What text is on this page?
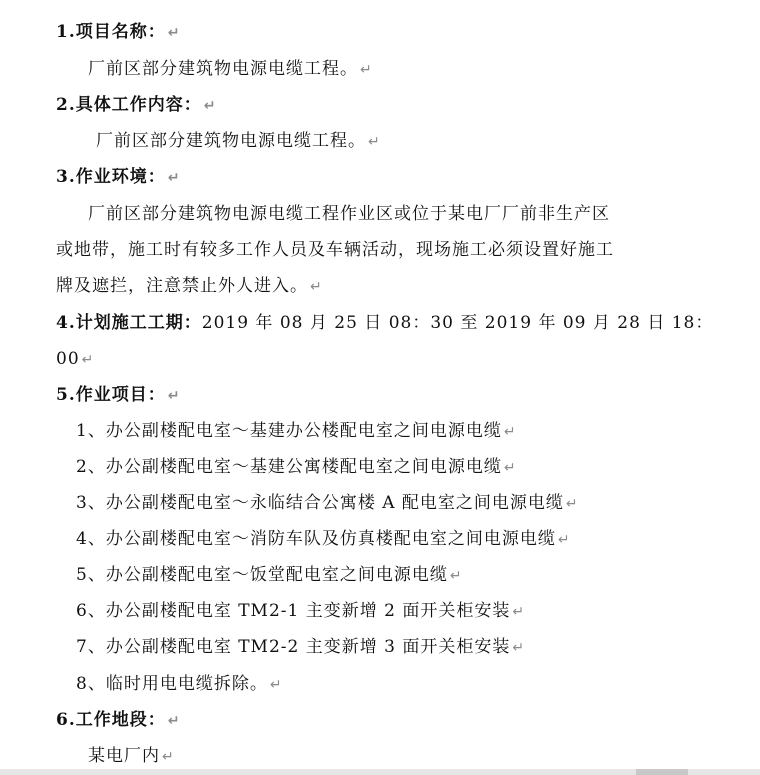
1.项目名称： ↵
厂前区部分建筑物电源电缆工程。 ↵
2.具体工作内容： ↵
厂前区部分建筑物电源电缆工程。 ↵
3.作业环境： ↵
厂前区部分建筑物电源电缆工程作业区或位于某电厂厂前非生产区
或地带，施工时有较多工作人员及车辆活动，现场施工必须设置好施工
牌及遮拦，注意禁止外人进入。 ↵
4.计划施工工期：2019 年 08 月 25 日 08：30 至 2019 年 09 月 28 日 18：
00 ↵
5.作业项目： ↵
1、办公副楼配电室～基建办公楼配电室之间电源电缆 ↵
2、办公副楼配电室～基建公寓楼配电室之间电源电缆 ↵
3、办公副楼配电室～永临结合公寓楼 A 配电室之间电源电缆 ↵
4、办公副楼配电室～消防车队及仿真楼配电室之间电源电缆 ↵
5、办公副楼配电室～饭堂配电室之间电源电缆 ↵
6、办公副楼配电室 TM2-1 主变新增 2 面开关柜安装 ↵
7、办公副楼配电室 TM2-2 主变新增 3 面开关柜安装 ↵
8、临时用电电缆拆除。 ↵
6.工作地段： ↵
某电厂内 ↵
